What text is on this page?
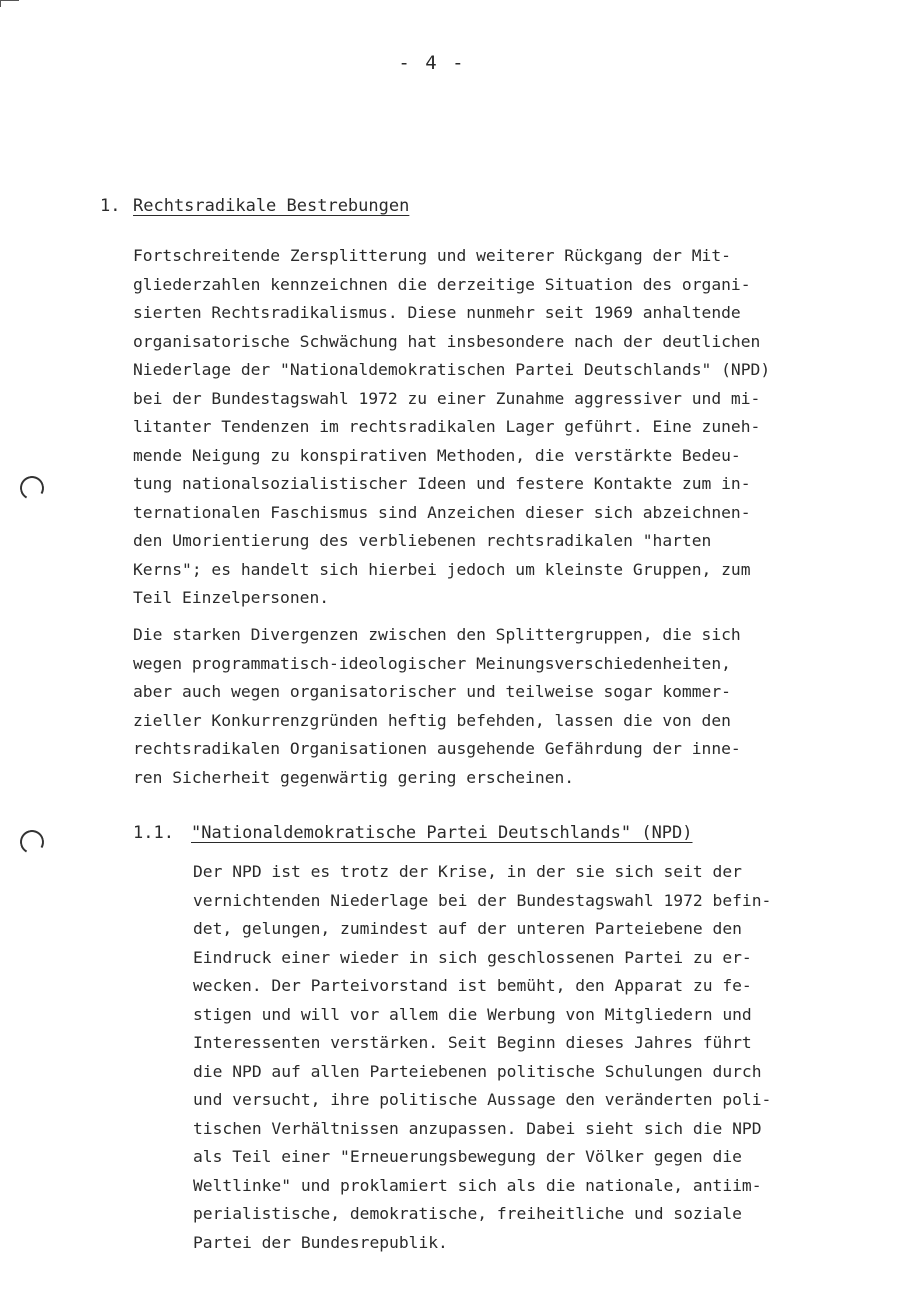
- 4 -
1. Rechtsradikale Bestrebungen
Fortschreitende Zersplitterung und weiterer Rückgang der Mit-
gliederzahlen kennzeichnen die derzeitige Situation des organi-
sierten Rechtsradikalismus. Diese nunmehr seit 1969 anhaltende
organisatorische Schwächung hat insbesondere nach der deutlichen
Niederlage der "Nationaldemokratischen Partei Deutschlands" (NPD)
bei der Bundestagswahl 1972 zu einer Zunahme aggressiver und mi-
litanter Tendenzen im rechtsradikalen Lager geführt. Eine zuneh-
mende Neigung zu konspirativen Methoden, die verstärkte Bedeu-
tung nationalsozialistischer Ideen und festere Kontakte zum in-
ternationalen Faschismus sind Anzeichen dieser sich abzeichnen-
den Umorientierung des verbliebenen rechtsradikalen "harten
Kerns"; es handelt sich hierbei jedoch um kleinste Gruppen, zum
Teil Einzelpersonen.
Die starken Divergenzen zwischen den Splittergruppen, die sich
wegen programmatisch-ideologischer Meinungsverschiedenheiten,
aber auch wegen organisatorischer und teilweise sogar kommer-
zieller Konkurrenzgründen heftig befehden, lassen die von den
rechtsradikalen Organisationen ausgehende Gefährdung der inne-
ren Sicherheit gegenwärtig gering erscheinen.
1.1.	"Nationaldemokratische Partei Deutschlands" (NPD)
Der NPD ist es trotz der Krise, in der sie sich seit der
vernichtenden Niederlage bei der Bundestagswahl 1972 befin-
det, gelungen, zumindest auf der unteren Parteiebene den
Eindruck einer wieder in sich geschlossenen Partei zu er-
wecken. Der Parteivorstand ist bemüht, den Apparat zu fe-
stigen und will vor allem die Werbung von Mitgliedern und
Interessenten verstärken. Seit Beginn dieses Jahres führt
die NPD auf allen Parteiebenen politische Schulungen durch
und versucht, ihre politische Aussage den veränderten poli-
tischen Verhältnissen anzupassen. Dabei sieht sich die NPD
als Teil einer "Erneuerungsbewegung der Völker gegen die
Weltlinke" und proklamiert sich als die nationale, antiim-
perialistische, demokratische, freiheitliche und soziale
Partei der Bundesrepublik.
